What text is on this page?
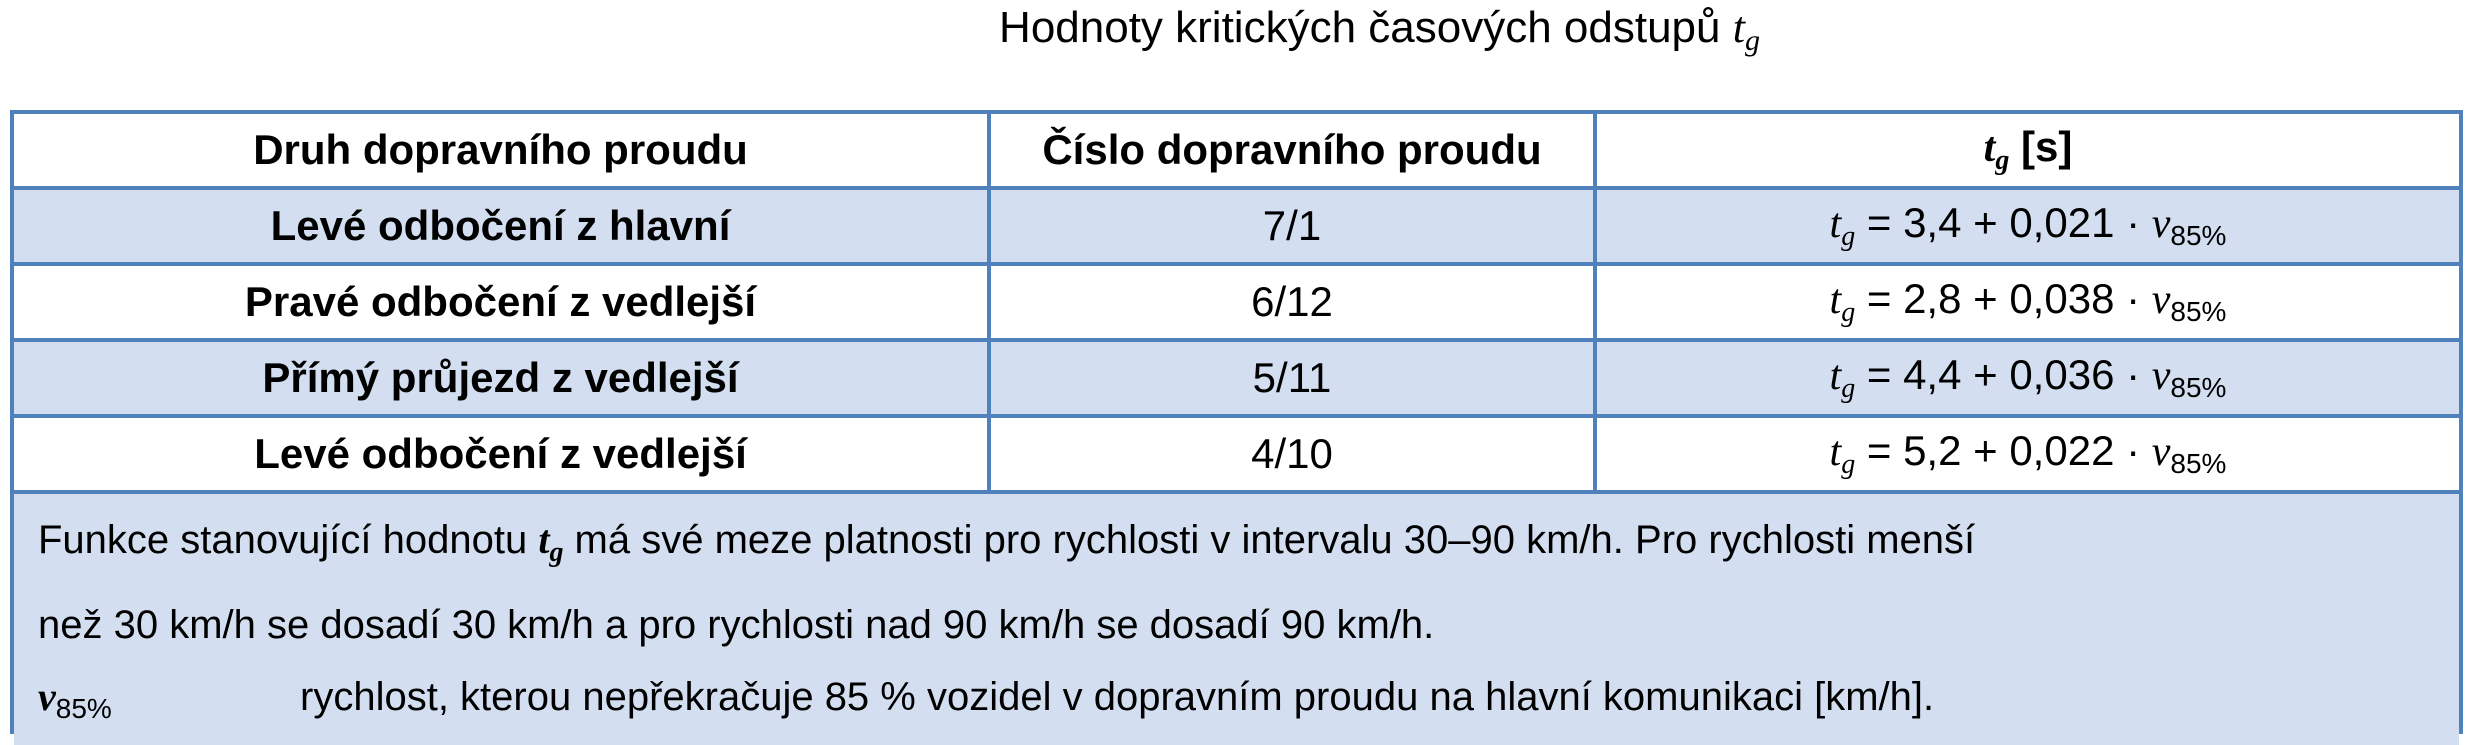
Hodnoty kritických časových odstupů $t_g$
Druh dopravního proudu	Číslo dopravního proudu	$t_g$ [s]
Levé odbočení z hlavní	7/1	$t_g = 3,4 + 0,021 \cdot v85\%$
Pravé odbočení z vedlejší	6/12	$t_g = 2,8 + 0,038 \cdot v85\%$
Přímý průjezd z vedlejší	5/11	$t_g = 4,4 + 0,036 \cdot v85\%$
Levé odbočení z vedlejší	4/10	$t_g = 5,2 + 0,022 \cdot v85\%$

Funkce stanovující hodnotu $t_g$ má své meze platnosti pro rychlosti v intervalu 30–90 km/h. Pro rychlosti menší
než 30 km/h se dosadí 30 km/h a pro rychlosti nad 90 km/h se dosadí 90 km/h.
$v_{85\%}$ rychlost, kterou nepřekračuje 85 % vozidel v dopravním proudu na hlavní komunikaci [km/h].		
